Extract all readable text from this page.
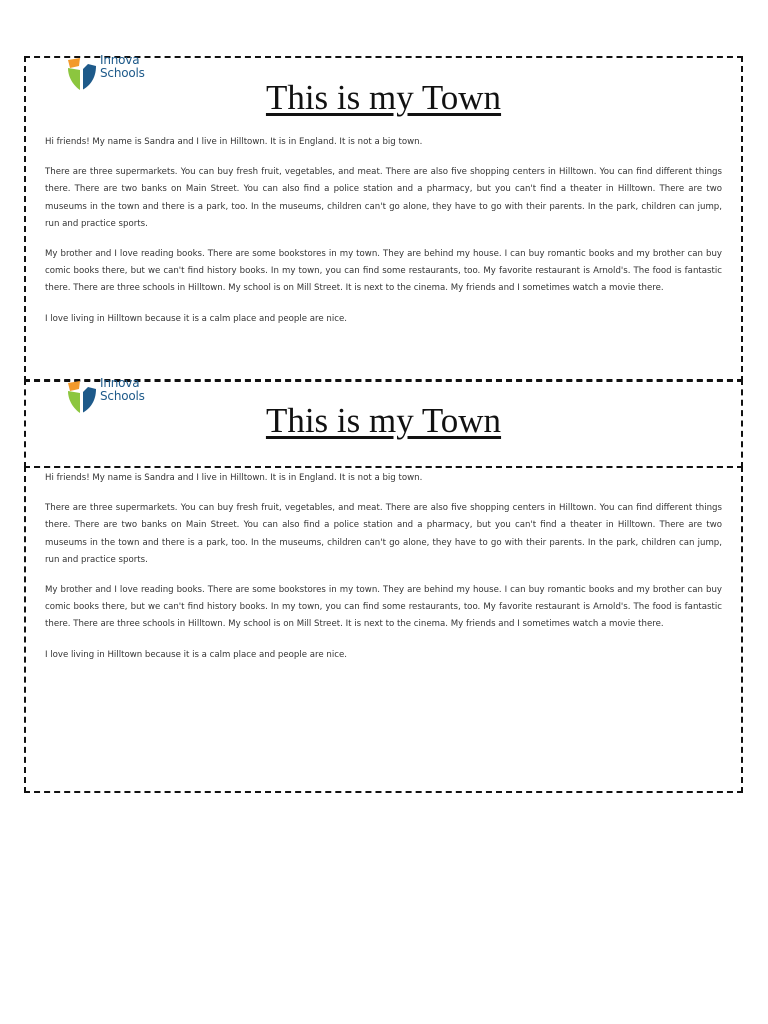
Innova
Schools
This is my Town

Hi friends! My name is Sandra and I live in Hilltown. It is in England. It is not a big town.

There are three supermarkets. You can buy fresh fruit, vegetables, and meat. There are also five shopping centers in Hilltown. You can find different things there. There are two banks on Main Street. You can also find a police station and a pharmacy, but you can't find a theater in Hilltown. There are two museums in the town and there is a park, too. In the museums, children can't go alone, they have to go with their parents. In the park, children can jump, run and practice sports.

My brother and I love reading books. There are some bookstores in my town. They are behind my house. I can buy romantic books and my brother can buy comic books there, but we can't find history books. In my town, you can find some restaurants, too. My favorite restaurant is Arnold's. The food is fantastic there. There are three schools in Hilltown. My school is on Mill Street. It is next to the cinema. My friends and I sometimes watch a movie there.

I love living in Hilltown because it is a calm place and people are nice.

Innova
Schools
This is my Town

Hi friends! My name is Sandra and I live in Hilltown. It is in England. It is not a big town.

There are three supermarkets. You can buy fresh fruit, vegetables, and meat. There are also five shopping centers in Hilltown. You can find different things there. There are two banks on Main Street. You can also find a police station and a pharmacy, but you can't find a theater in Hilltown. There are two museums in the town and there is a park, too. In the museums, children can't go alone, they have to go with their parents. In the park, children can jump, run and practice sports.

My brother and I love reading books. There are some bookstores in my town. They are behind my house. I can buy romantic books and my brother can buy comic books there, but we can't find history books. In my town, you can find some restaurants, too. My favorite restaurant is Arnold's. The food is fantastic there. There are three schools in Hilltown. My school is on Mill Street. It is next to the cinema. My friends and I sometimes watch a movie there.

I love living in Hilltown because it is a calm place and people are nice.
